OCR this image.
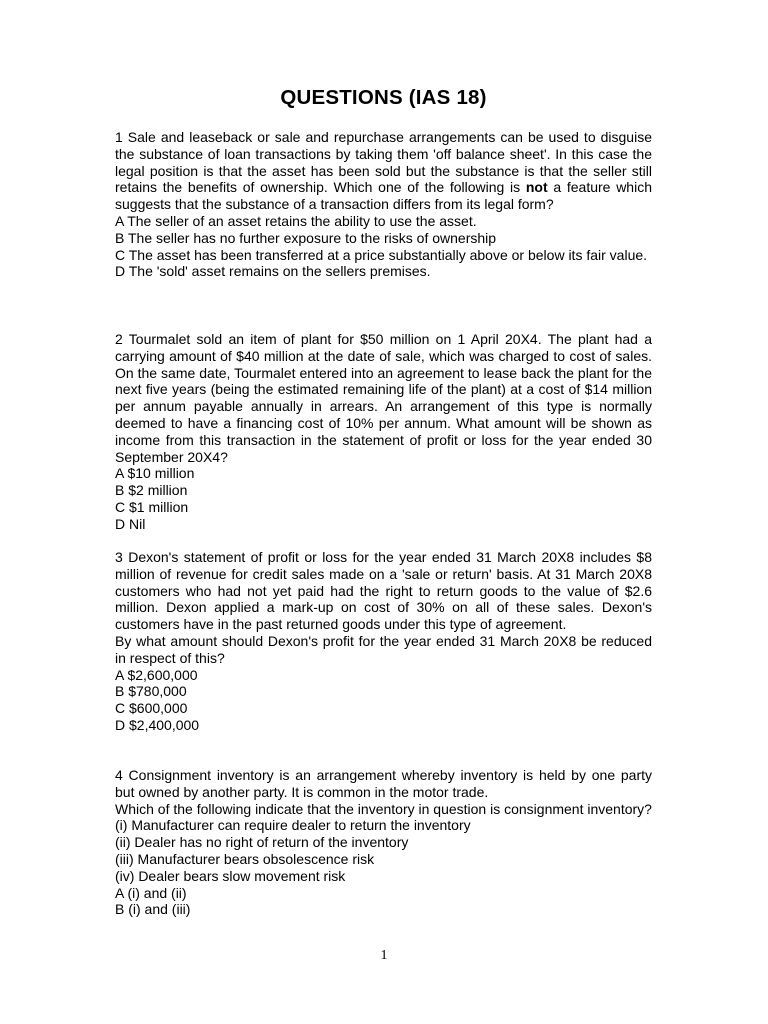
QUESTIONS (IAS 18)

1 Sale and leaseback or sale and repurchase arrangements can be used to disguise the substance of loan transactions by taking them 'off balance sheet'. In this case the legal position is that the asset has been sold but the substance is that the seller still retains the benefits of ownership. Which one of the following is not a feature which suggests that the substance of a transaction differs from its legal form?

A The seller of an asset retains the ability to use the asset.

B The seller has no further exposure to the risks of ownership

C The asset has been transferred at a price substantially above or below its fair value.

D The 'sold' asset remains on the sellers premises.

2 Tourmalet sold an item of plant for $50 million on 1 April 20X4. The plant had a carrying amount of $40 million at the date of sale, which was charged to cost of sales. On the same date, Tourmalet entered into an agreement to lease back the plant for the next five years (being the estimated remaining life of the plant) at a cost of $14 million per annum payable annually in arrears. An arrangement of this type is normally deemed to have a financing cost of 10% per annum. What amount will be shown as income from this transaction in the statement of profit or loss for the year ended 30 September 20X4?

A $10 million

B $2 million

C $1 million

D Nil

3 Dexon's statement of profit or loss for the year ended 31 March 20X8 includes $8 million of revenue for credit sales made on a 'sale or return' basis. At 31 March 20X8 customers who had not yet paid had the right to return goods to the value of $2.6 million. Dexon applied a mark-up on cost of 30% on all of these sales. Dexon's customers have in the past returned goods under this type of agreement.

By what amount should Dexon's profit for the year ended 31 March 20X8 be reduced in respect of this?

A $2,600,000

B $780,000

C $600,000

D $2,400,000

4 Consignment inventory is an arrangement whereby inventory is held by one party but owned by another party. It is common in the motor trade.

Which of the following indicate that the inventory in question is consignment inventory?

(i) Manufacturer can require dealer to return the inventory

(ii) Dealer has no right of return of the inventory

(iii) Manufacturer bears obsolescence risk

(iv) Dealer bears slow movement risk

A (i) and (ii)

B (i) and (iii)

1
